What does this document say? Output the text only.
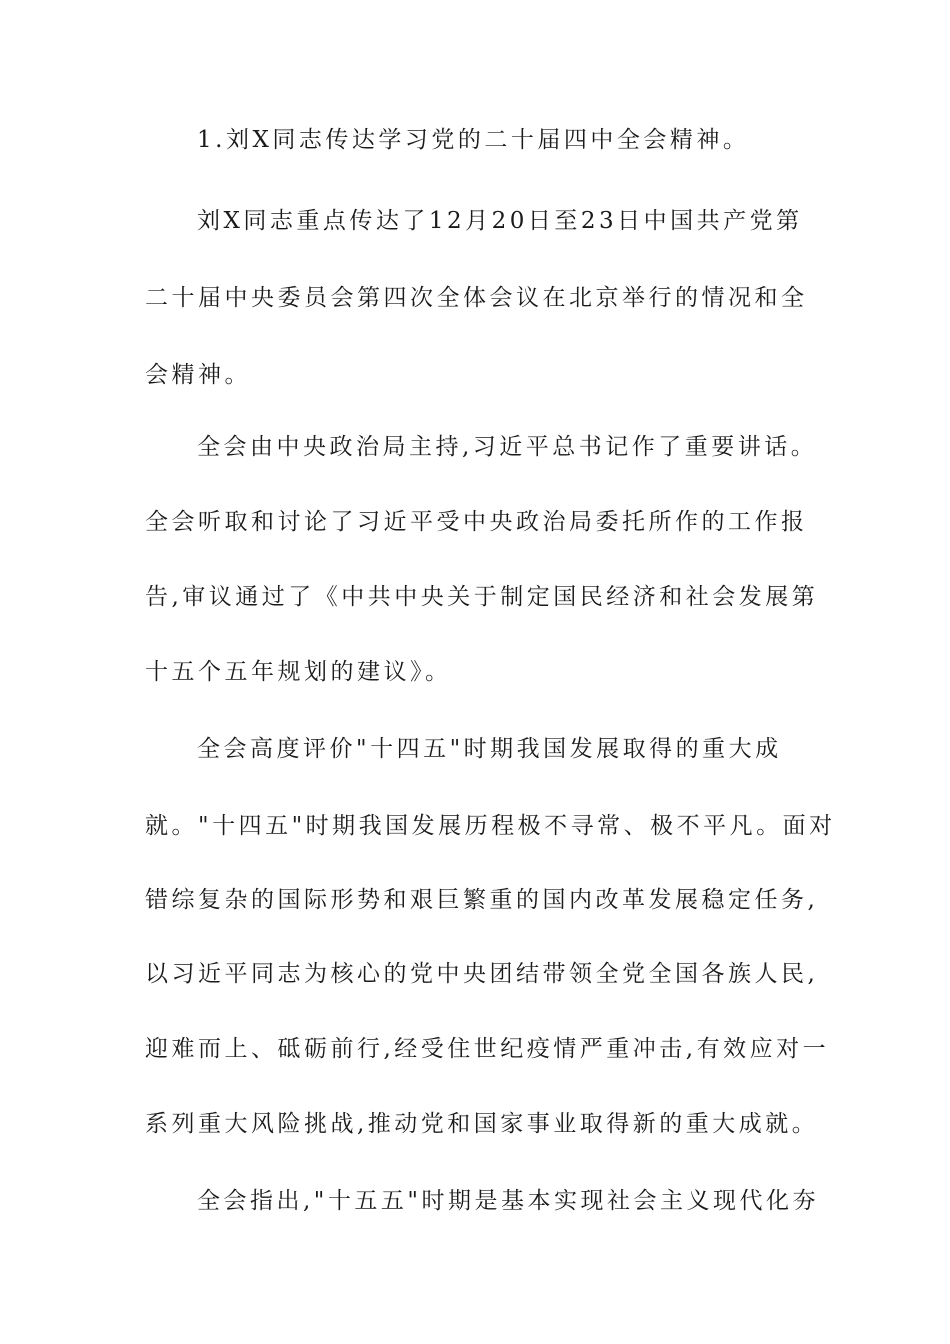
1.刘X同志传达学习党的二十届四中全会精神。
刘X同志重点传达了12月20日至23日中国共产党第
二十届中央委员会第四次全体会议在北京举行的情况和全
会精神。
全会由中央政治局主持,习近平总书记作了重要讲话。
全会听取和讨论了习近平受中央政治局委托所作的工作报
告,审议通过了《中共中央关于制定国民经济和社会发展第
十五个五年规划的建议》。
全会高度评价"十四五"时期我国发展取得的重大成
就。"十四五"时期我国发展历程极不寻常、极不平凡。面对
错综复杂的国际形势和艰巨繁重的国内改革发展稳定任务,
以习近平同志为核心的党中央团结带领全党全国各族人民,
迎难而上、砥砺前行,经受住世纪疫情严重冲击,有效应对一
系列重大风险挑战,推动党和国家事业取得新的重大成就。
全会指出,"十五五"时期是基本实现社会主义现代化夯
